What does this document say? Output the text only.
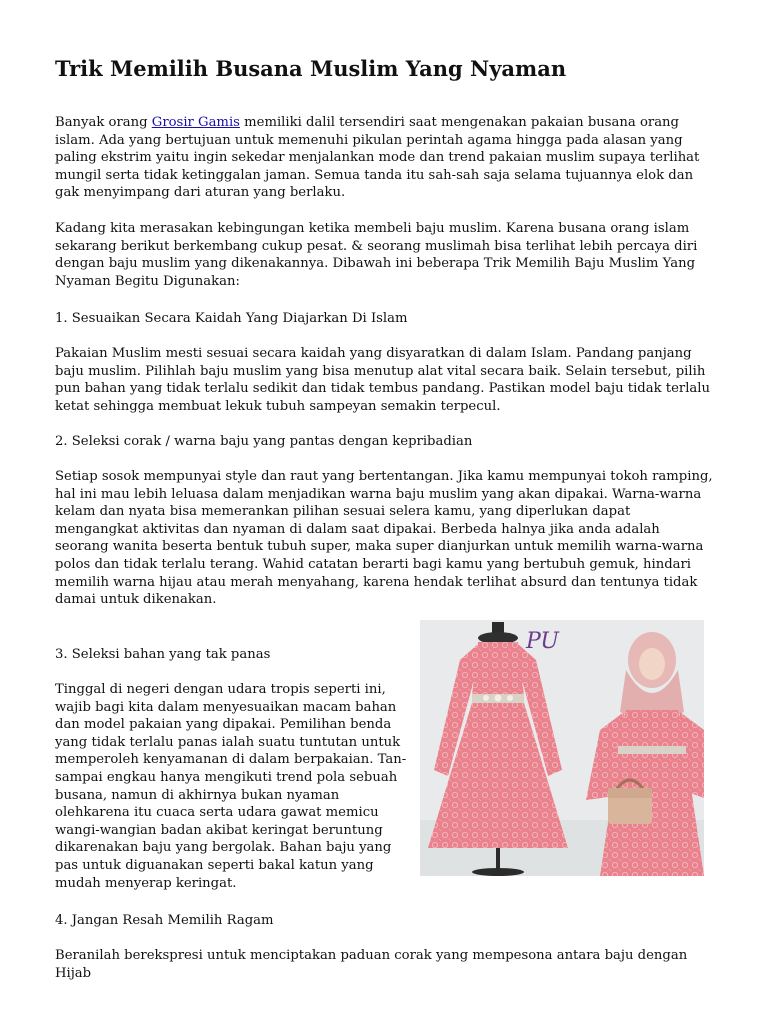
Trik Memilih Busana Muslim Yang Nyaman

Banyak orang Grosir Gamis memiliki dalil tersendiri saat mengenakan pakaian busana orang islam. Ada yang bertujuan untuk memenuhi pikulan perintah agama hingga pada alasan yang paling ekstrim yaitu ingin sekedar menjalankan mode dan trend pakaian muslim supaya terlihat mungil serta tidak ketinggalan jaman. Semua tanda itu sah-sah saja selama tujuannya elok dan gak menyimpang dari aturan yang berlaku.

Kadang kita merasakan kebingungan ketika membeli baju muslim. Karena busana orang islam sekarang berikut berkembang cukup pesat. & seorang muslimah bisa terlihat lebih percaya diri dengan baju muslim yang dikenakannya. Dibawah ini beberapa Trik Memilih Baju Muslim Yang Nyaman Begitu Digunakan:

1. Sesuaikan Secara Kaidah Yang Diajarkan Di Islam

Pakaian Muslim mesti sesuai secara kaidah yang disyaratkan di dalam Islam. Pandang panjang baju muslim. Pilihlah baju muslim yang bisa menutup alat vital secara baik. Selain tersebut, pilih pun bahan yang tidak terlalu sedikit dan tidak tembus pandang. Pastikan model baju tidak terlalu ketat sehingga membuat lekuk tubuh sampeyan semakin terpecul.

2. Seleksi corak / warna baju yang pantas dengan kepribadian

Setiap sosok mempunyai style dan raut yang bertentangan. Jika kamu mempunyai tokoh ramping, hal ini mau lebih leluasa dalam menjadikan warna baju muslim yang akan dipakai. Warna-warna kelam dan nyata bisa memerankan pilihan sesuai selera kamu, yang diperlukan dapat mengangkat aktivitas dan nyaman di dalam saat dipakai. Berbeda halnya jika anda adalah seorang wanita beserta bentuk tubuh super, maka super dianjurkan untuk memilih warna-warna polos dan tidak terlalu terang. Wahid catatan berarti bagi kamu yang bertubuh gemuk, hindari memilih warna hijau atau merah menyahang, karena hendak terlihat absurd dan tentunya tidak damai untuk dikenakan.

3. Seleksi bahan yang tak panas

Tinggal di negeri dengan udara tropis seperti ini, wajib bagi kita dalam menyesuaikan macam bahan dan model pakaian yang dipakai. Pemilihan benda yang tidak terlalu panas ialah suatu tuntutan untuk memperoleh kenyamanan di dalam berpakaian. Tan-sampai engkau hanya mengikuti trend pola sebuah busana, namun di akhirnya bukan nyaman olehkarena itu cuaca serta udara gawat memicu wangi-wangian badan akibat keringat beruntung dikarenakan baju yang bergolak. Bahan baju yang pas untuk diguanakan seperti bakal katun yang mudah menyerap keringat.

4. Jangan Resah Memilih Ragam

Beranilah berekspresi untuk menciptakan paduan corak yang mempesona antara baju dengan Hijab

PU
